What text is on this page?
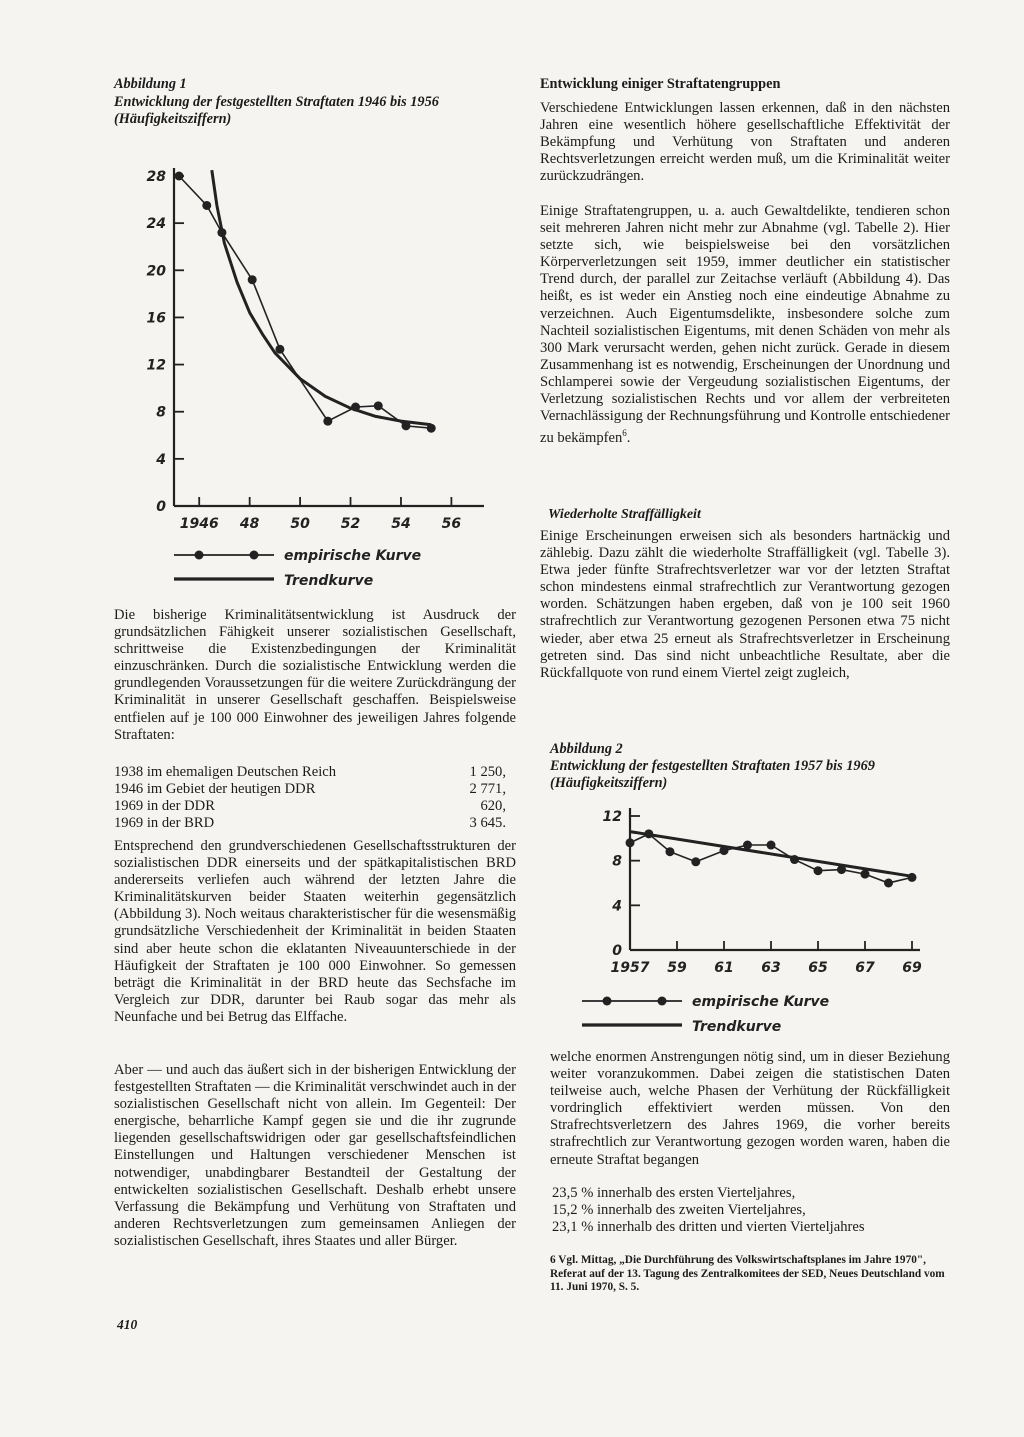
Abbildung 1
Entwicklung der festgestellten Straftaten 1946 bis 1956
(Häufigkeitsziffern)
0
4
8
12
16
20
24
28
1946 48 50 52 54 56
empirische Kurve
Trendkurve

Die bisherige Kriminalitätsentwicklung ist Ausdruck der grundsätzlichen Fähigkeit unserer sozialistischen Gesellschaft, schrittweise die Existenzbedingungen der Kriminalität einzuschränken. Durch die sozialistische Entwicklung werden die grundlegenden Voraussetzungen für die weitere Zurückdrängung der Kriminalität in unserer Gesellschaft geschaffen. Beispielsweise entfielen auf je 100 000 Einwohner des jeweiligen Jahres folgende Straftaten:

1938 im ehemaligen Deutschen Reich	1 250,
1946 im Gebiet der heutigen DDR	2 771,
1969 in der DDR	620,
1969 in der BRD	3 645.

Entsprechend den grundverschiedenen Gesellschaftsstrukturen der sozialistischen DDR einerseits und der spätkapitalistischen BRD andererseits verliefen auch während der letzten Jahre die Kriminalitätskurven beider Staaten weiterhin gegensätzlich (Abbildung 3). Noch weitaus charakteristischer für die wesensmäßig grundsätzliche Verschiedenheit der Kriminalität in beiden Staaten sind aber heute schon die eklatanten Niveauunterschiede in der Häufigkeit der Straftaten je 100 000 Einwohner. So gemessen beträgt die Kriminalität in der BRD heute das Sechsfache im Vergleich zur DDR, darunter bei Raub sogar das mehr als Neunfache und bei Betrug das Elffache.

Aber — und auch das äußert sich in der bisherigen Entwicklung der festgestellten Straftaten — die Kriminalität verschwindet auch in der sozialistischen Gesellschaft nicht von allein. Im Gegenteil: Der energische, beharrliche Kampf gegen sie und die ihr zugrunde liegenden gesellschaftswidrigen oder gar gesellschaftsfeindlichen Einstellungen und Haltungen verschiedener Menschen ist notwendiger, unabdingbarer Bestandteil der Gestaltung der entwickelten sozialistischen Gesellschaft. Deshalb erhebt unsere Verfassung die Bekämpfung und Verhütung von Straftaten und anderen Rechtsverletzungen zum gemeinsamen Anliegen der sozialistischen Gesellschaft, ihres Staates und aller Bürger.

Entwicklung einiger Straftatengruppen

Verschiedene Entwicklungen lassen erkennen, daß in den nächsten Jahren eine wesentlich höhere gesellschaftliche Effektivität der Bekämpfung und Verhütung von Straftaten und anderen Rechtsverletzungen erreicht werden muß, um die Kriminalität weiter zurückzudrängen.

Einige Straftatengruppen, u. a. auch Gewaltdelikte, tendieren schon seit mehreren Jahren nicht mehr zur Abnahme (vgl. Tabelle 2). Hier setzte sich, wie beispielsweise bei den vorsätzlichen Körperverletzungen seit 1959, immer deutlicher ein statistischer Trend durch, der parallel zur Zeitachse verläuft (Abbildung 4). Das heißt, es ist weder ein Anstieg noch eine eindeutige Abnahme zu verzeichnen. Auch Eigentumsdelikte, insbesondere solche zum Nachteil sozialistischen Eigentums, mit denen Schäden von mehr als 300 Mark verursacht werden, gehen nicht zurück. Gerade in diesem Zusammenhang ist es notwendig, Erscheinungen der Unordnung und Schlamperei sowie der Vergeudung sozialistischen Eigentums, der Verletzung sozialistischen Rechts und vor allem der verbreiteten Vernachlässigung der Rechnungsführung und Kontrolle entschiedener zu bekämpfen$^6$.

Wiederholte Straffälligkeit

Einige Erscheinungen erweisen sich als besonders hartnäckig und zählebig. Dazu zählt die wiederholte Straffälligkeit (vgl. Tabelle 3). Etwa jeder fünfte Strafrechtsverletzer war vor der letzten Straftat schon mindestens einmal strafrechtlich zur Verantwortung gezogen worden. Schätzungen haben ergeben, daß von je 100 seit 1960 strafrechtlich zur Verantwortung gezogenen Personen etwa 75 nicht wieder, aber etwa 25 erneut als Strafrechtsverletzer in Erscheinung getreten sind. Das sind nicht unbeachtliche Resultate, aber die Rückfallquote von rund einem Viertel zeigt zugleich,

Abbildung 2
Entwicklung der festgestellten Straftaten 1957 bis 1969
(Häufigkeitsziffern)
0
4
8
12
1957 59 61 63 65 67 69
empirische Kurve
Trendkurve

welche enormen Anstrengungen nötig sind, um in dieser Beziehung weiter voranzukommen. Dabei zeigen die statistischen Daten teilweise auch, welche Phasen der Verhütung der Rückfälligkeit vordringlich effektiviert werden müssen. Von den Strafrechtsverletzern des Jahres 1969, die vorher bereits strafrechtlich zur Verantwortung gezogen worden waren, haben die erneute Straftat begangen

23,5 % innerhalb des ersten Vierteljahres,
15,2 % innerhalb des zweiten Vierteljahres,
23,1 % innerhalb des dritten und vierten Vierteljahres
6 Vgl. Mittag, „Die Durchführung des Volkswirtschaftsplanes im Jahre 1970", Referat auf der 13. Tagung des Zentralkomitees der SED, Neues Deutschland vom 11. Juni 1970, S. 5.
410
